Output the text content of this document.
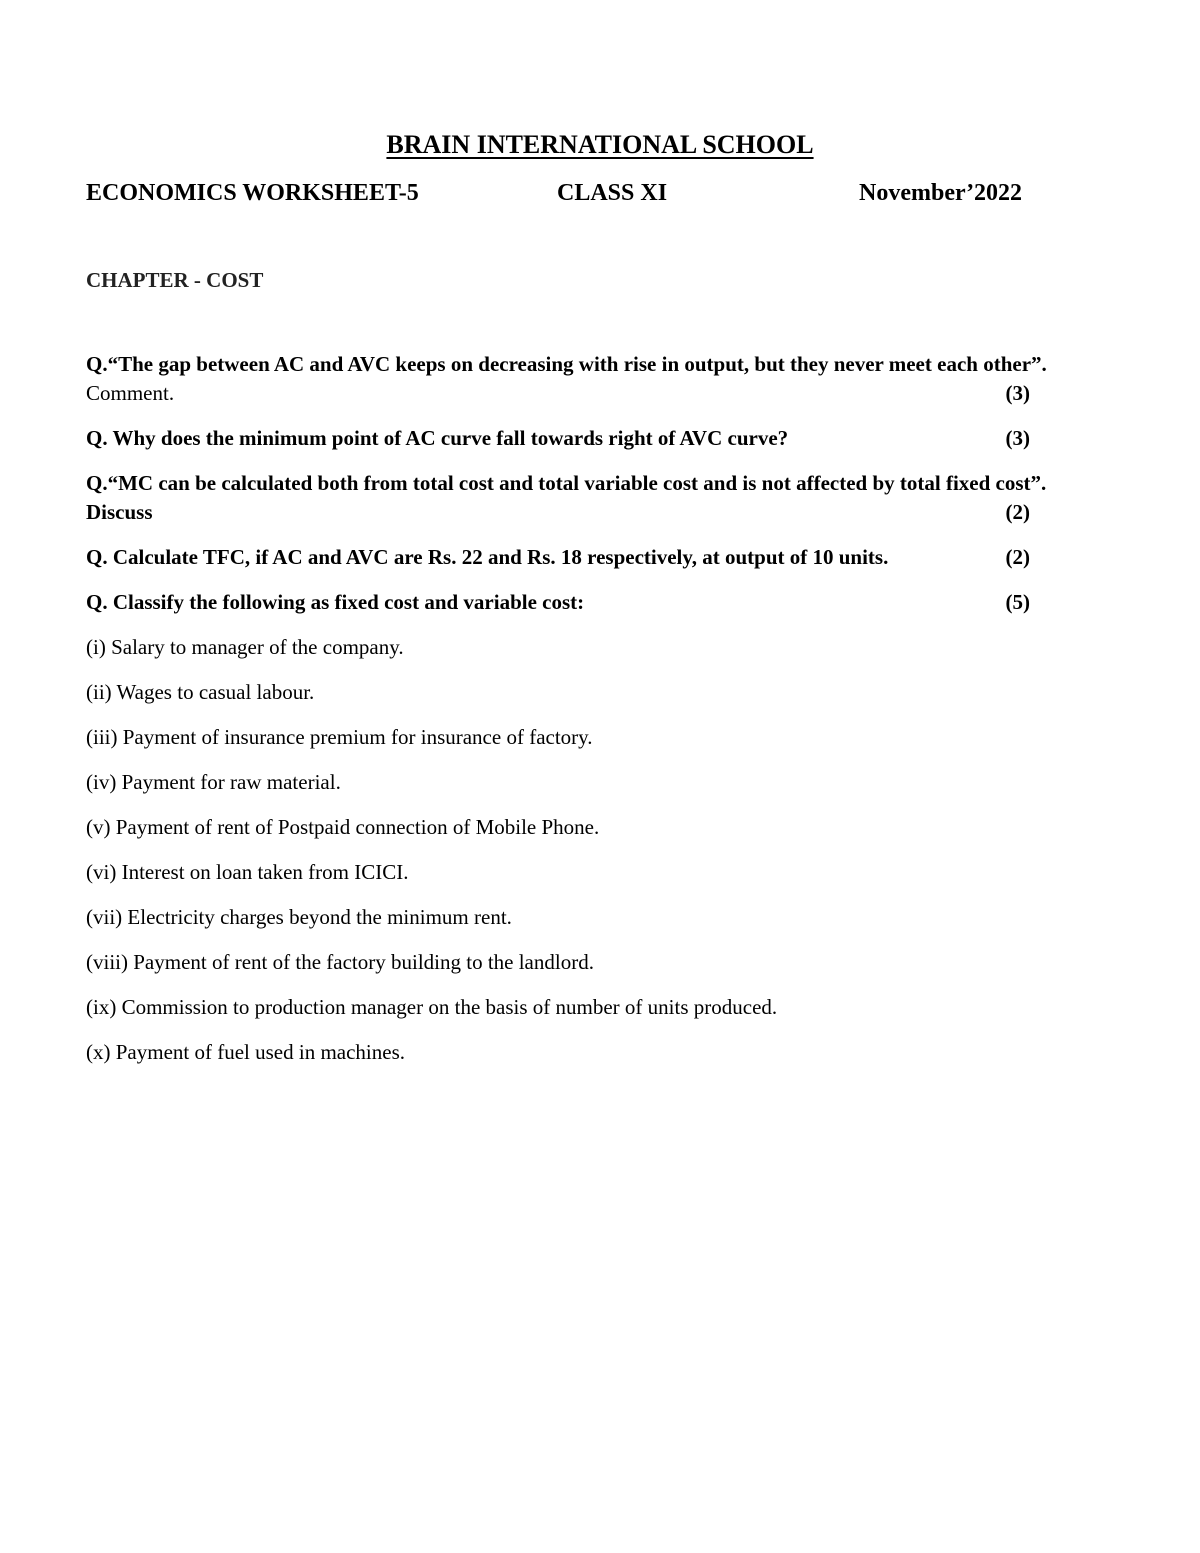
BRAIN INTERNATIONAL SCHOOL
ECONOMICS WORKSHEET-5	CLASS XI	November’2022
CHAPTER - COST
Q.“The gap between AC and AVC keeps on decreasing with rise in output, but they never meet each other”. Comment.	(3)
Q. Why does the minimum point of AC curve fall towards right of AVC curve?	(3)
Q.“MC can be calculated both from total cost and total variable cost and is not affected by total fixed cost”. Discuss	(2)
Q. Calculate TFC, if AC and AVC are Rs. 22 and Rs. 18 respectively, at output of 10 units.	(2)
Q. Classify the following as fixed cost and variable cost:	(5)
(i) Salary to manager of the company.
(ii) Wages to casual labour.
(iii) Payment of insurance premium for insurance of factory.
(iv) Payment for raw material.
(v) Payment of rent of Postpaid connection of Mobile Phone.
(vi) Interest on loan taken from ICICI.
(vii) Electricity charges beyond the minimum rent.
(viii) Payment of rent of the factory building to the landlord.
(ix) Commission to production manager on the basis of number of units produced.
(x) Payment of fuel used in machines.
